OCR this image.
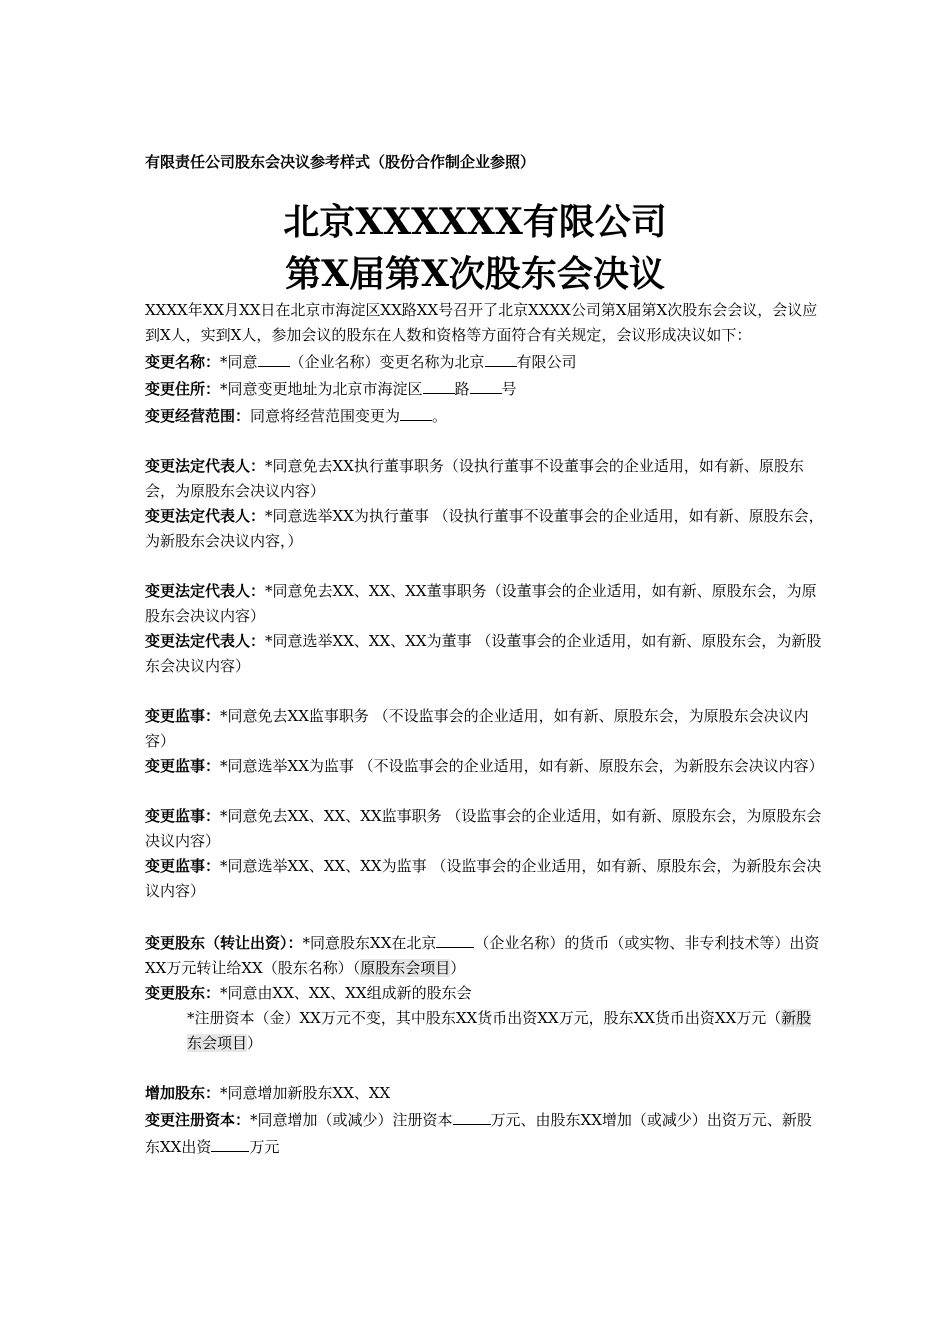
有限责任公司股东会决议参考样式（股份合作制企业参照）
北京XXXXXX有限公司
第X届第X次股东会决议

XXXX年XX月XX日在北京市海淀区XX路XX号召开了北京XXXX公司第X届第X次股东会会议，会议应到X人，实到X人，参加会议的股东在人数和资格等方面符合有关规定，会议形成决议如下：

变更名称：*同意 （企业名称）变更名称为北京 有限公司

变更住所：*同意变更地址为北京市海淀区 路 号

变更经营范围：同意将经营范围变更为 。

变更法定代表人：*同意免去XX执行董事职务（设执行董事不设董事会的企业适用，如有新、原股东会，为原股东会决议内容）

变更法定代表人：*同意选举XX为执行董事 （设执行董事不设董事会的企业适用，如有新、原股东会，为新股东会决议内容，）

变更法定代表人：*同意免去XX、XX、XX董事职务（设董事会的企业适用，如有新、原股东会，为原股东会决议内容）

变更法定代表人：*同意选举XX、XX、XX为董事 （设董事会的企业适用，如有新、原股东会，为新股东会决议内容）

变更监事：*同意免去XX监事职务 （不设监事会的企业适用，如有新、原股东会，为原股东会决议内容）

变更监事：*同意选举XX为监事 （不设监事会的企业适用，如有新、原股东会，为新股东会决议内容）

变更监事：*同意免去XX、XX、XX监事职务 （设监事会的企业适用，如有新、原股东会，为原股东会决议内容）

变更监事：*同意选举XX、XX、XX为监事 （设监事会的企业适用，如有新、原股东会，为新股东会决议内容）

变更股东（转让出资）：*同意股东XX在北京	（企业名称）的货币（或实物、非专利技术等）出资XX万元转让给XX（股东名称）（原股东会项目）

变更股东：*同意由XX、XX、XX组成新的股东会

*注册资本（金）XX万元不变，其中股东XX货币出资XX万元，股东XX货币出资XX万元（新股东会项目）

增加股东：*同意增加新股东XX、XX

变更注册资本：*同意增加（或减少）注册资本	万元、由股东XX增加（或减少）出资万元、新股东XX出资	万元
